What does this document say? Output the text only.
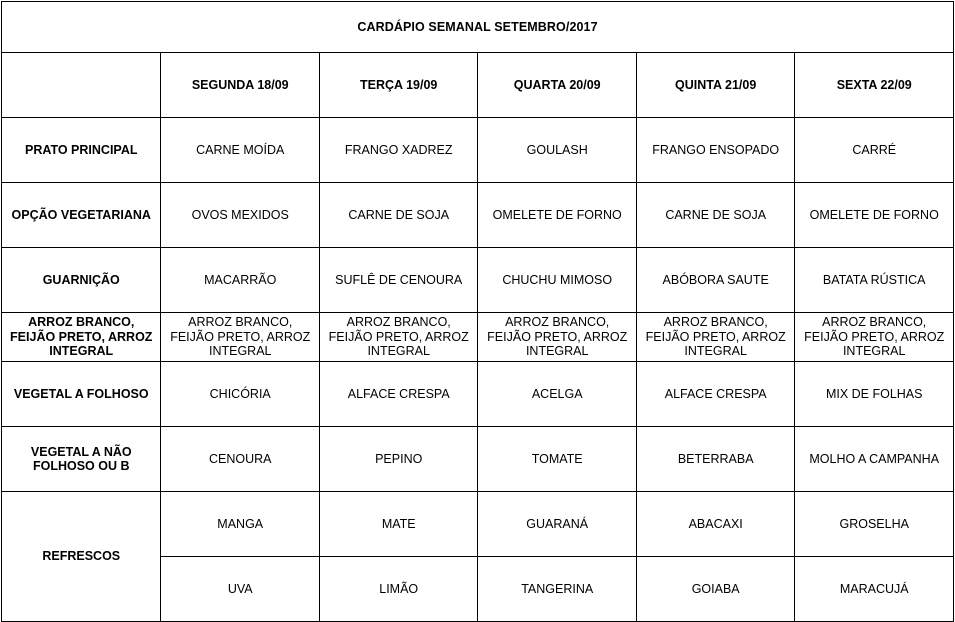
CARDÁPIO SEMANAL SETEMBRO/2017					
	SEGUNDA 18/09	TERÇA 19/09	QUARTA 20/09	QUINTA 21/09	SEXTA 22/09
PRATO PRINCIPAL	CARNE MOÍDA	FRANGO XADREZ	GOULASH	FRANGO ENSOPADO	CARRÉ
OPÇÃO VEGETARIANA	OVOS MEXIDOS	CARNE DE SOJA	OMELETE DE FORNO	CARNE DE SOJA	OMELETE DE FORNO
GUARNIÇÃO	MACARRÃO	SUFLÊ DE CENOURA	CHUCHU MIMOSO	ABÓBORA SAUTE	BATATA RÚSTICA
ARROZ BRANCO, FEIJÃO PRETO, ARROZ INTEGRAL	ARROZ BRANCO, FEIJÃO PRETO, ARROZ INTEGRAL	ARROZ BRANCO, FEIJÃO PRETO, ARROZ INTEGRAL	ARROZ BRANCO, FEIJÃO PRETO, ARROZ INTEGRAL	ARROZ BRANCO, FEIJÃO PRETO, ARROZ INTEGRAL	ARROZ BRANCO, FEIJÃO PRETO, ARROZ INTEGRAL
VEGETAL A FOLHOSO	CHICÓRIA	ALFACE CRESPA	ACELGA	ALFACE CRESPA	MIX DE FOLHAS
VEGETAL A NÃO FOLHOSO OU B	CENOURA	PEPINO	TOMATE	BETERRABA	MOLHO A CAMPANHA
REFRESCOS	MANGA	MATE	GUARANÁ	ABACAXI	GROSELHA
	UVA	LIMÃO	TANGERINA	GOIABA	MARACUJÁ
